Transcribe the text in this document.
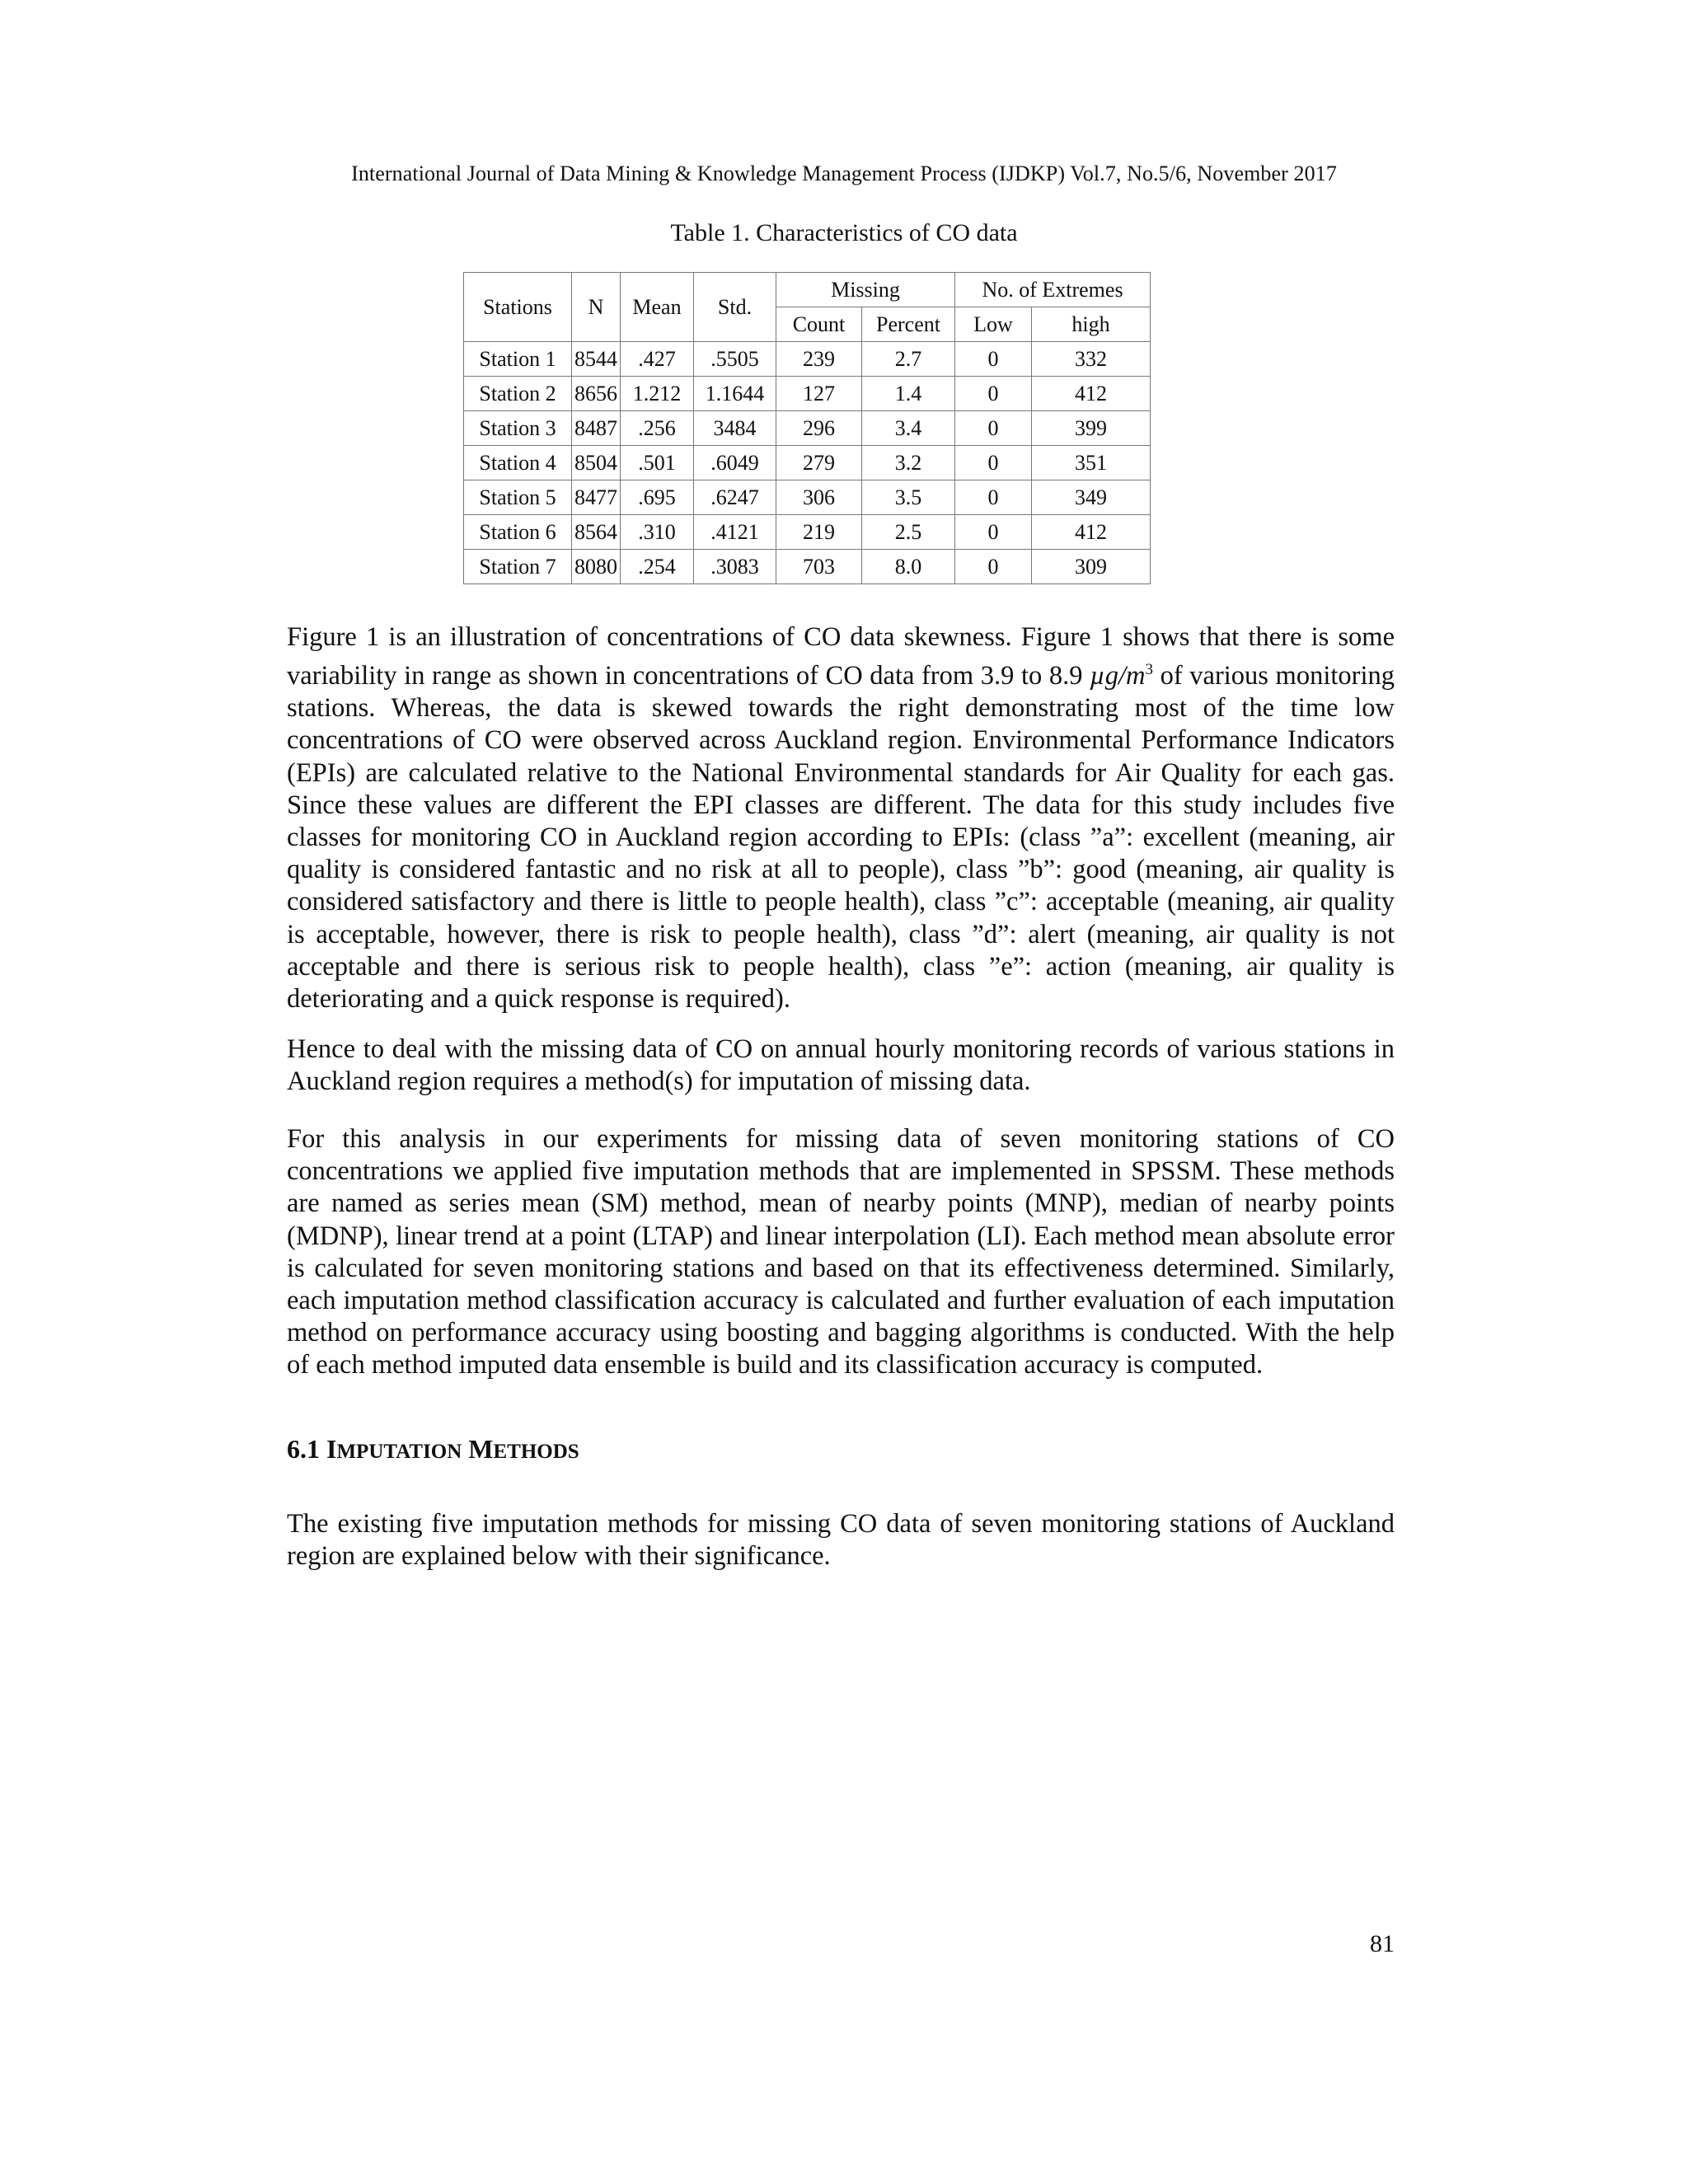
International Journal of Data Mining & Knowledge Management Process (IJDKP) Vol.7, No.5/6, November 2017
Table 1. Characteristics of CO data
Stations	N	Mean	Std.	Missing		No. of Extremes	
				Count	Percent	Low	high
Station 1	8544	.427	.5505	239	2.7	0	332
Station 2	8656	1.212	1.1644	127	1.4	0	412
Station 3	8487	.256	3484	296	3.4	0	399
Station 4	8504	.501	.6049	279	3.2	0	351
Station 5	8477	.695	.6247	306	3.5	0	349
Station 6	8564	.310	.4121	219	2.5	0	412
Station 7	8080	.254	.3083	703	8.0	0	309

Figure 1 is an illustration of concentrations of CO data skewness. Figure 1 shows that there is some variability in range as shown in concentrations of CO data from 3.9 to 8.9 $\mu g/m^3$ of various monitoring stations. Whereas, the data is skewed towards the right demonstrating most of the time low concentrations of CO were observed across Auckland region. Environmental Performance Indicators (EPIs) are calculated relative to the National Environmental standards for Air Quality for each gas. Since these values are different the EPI classes are different. The data for this study includes five classes for monitoring CO in Auckland region according to EPIs: (class ”a”: excellent (meaning, air quality is considered fantastic and no risk at all to people), class ”b”: good (meaning, air quality is considered satisfactory and there is little to people health), class ”c”: acceptable (meaning, air quality is acceptable, however, there is risk to people health), class ”d”: alert (meaning, air quality is not acceptable and there is serious risk to people health), class ”e”: action (meaning, air quality is deteriorating and a quick response is required).

Hence to deal with the missing data of CO on annual hourly monitoring records of various stations in Auckland region requires a method(s) for imputation of missing data.

For this analysis in our experiments for missing data of seven monitoring stations of CO concentrations we applied five imputation methods that are implemented in SPSSM. These methods are named as series mean (SM) method, mean of nearby points (MNP), median of nearby points (MDNP), linear trend at a point (LTAP) and linear interpolation (LI). Each method mean absolute error is calculated for seven monitoring stations and based on that its effectiveness determined. Similarly, each imputation method classification accuracy is calculated and further evaluation of each imputation method on performance accuracy using boosting and bagging algorithms is conducted. With the help of each method imputed data ensemble is build and its classification accuracy is computed.

6.1 IMPUTATION METHODS

The existing five imputation methods for missing CO data of seven monitoring stations of Auckland region are explained below with their significance.

81
